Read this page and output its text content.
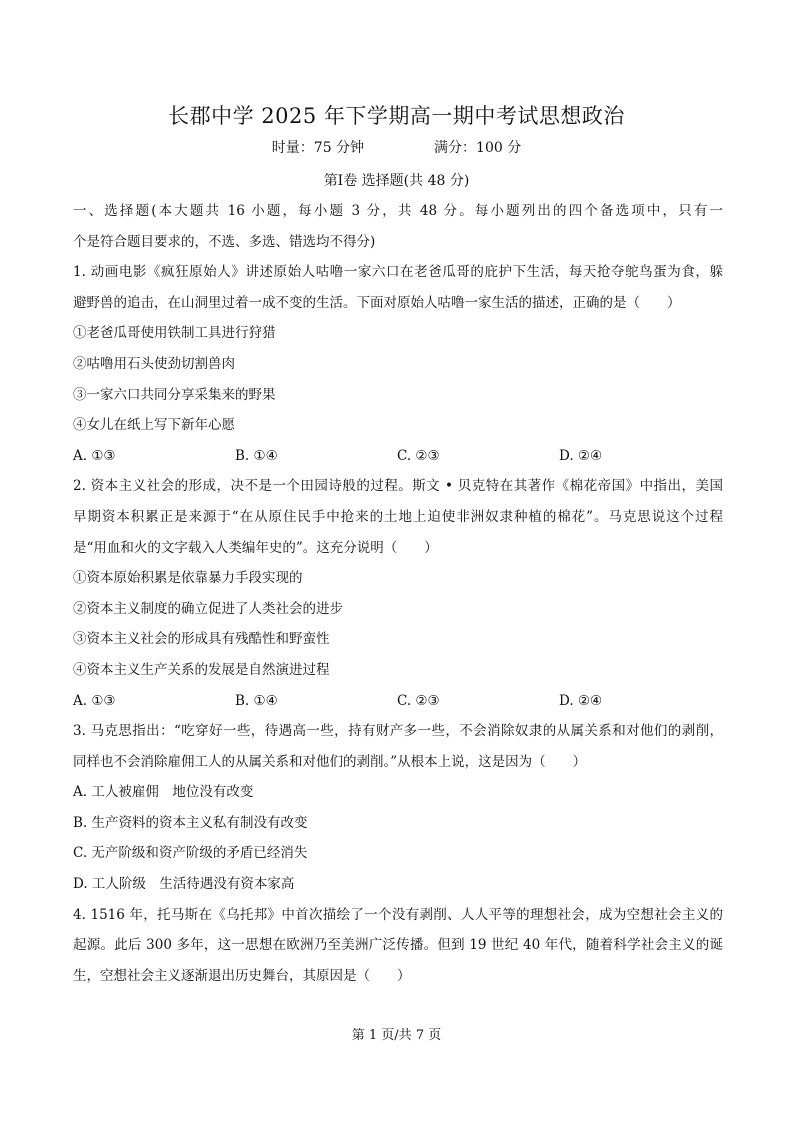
长郡中学 2025 年下学期高一期中考试思想政治
时量：75 分钟	满分：100 分
第Ⅰ卷 选择题(共 48 分)
一、选择题(本大题共 16 小题，每小题 3 分，共 48 分。每小题列出的四个备选项中，只有一
个是符合题目要求的，不选、多选、错选均不得分)
1. 动画电影《疯狂原始人》讲述原始人咕噜一家六口在老爸瓜哥的庇护下生活，每天抢夺鸵鸟蛋为食，躲
避野兽的追击，在山洞里过着一成不变的生活。下面对原始人咕噜一家生活的描述，正确的是（　　）
①老爸瓜哥使用铁制工具进行狩猎
②咕噜用石头使劲切割兽肉
③一家六口共同分享采集来的野果
④女儿在纸上写下新年心愿
A. ①③	B. ①④	C. ②③	D. ②④
2. 资本主义社会的形成，决不是一个田园诗般的过程。斯文 • 贝克特在其著作《棉花帝国》中指出，美国
早期资本积累正是来源于“在从原住民手中抢来的土地上迫使非洲奴隶种植的棉花”。马克思说这个过程
是“用血和火的文字载入人类编年史的”。这充分说明（　　）
①资本原始积累是依靠暴力手段实现的
②资本主义制度的确立促进了人类社会的进步
③资本主义社会的形成具有残酷性和野蛮性
④资本主义生产关系的发展是自然演进过程
A. ①③	B. ①④	C. ②③	D. ②④
3. 马克思指出：“吃穿好一些，待遇高一些，持有财产多一些，不会消除奴隶的从属关系和对他们的剥削，
同样也不会消除雇佣工人的从属关系和对他们的剥削。”从根本上说，这是因为（　　）
A. 工人被雇佣　地位没有改变
B. 生产资料的资本主义私有制没有改变
C. 无产阶级和资产阶级的矛盾已经消失
D. 工人阶级　生活待遇没有资本家高
4. 1516 年，托马斯在《乌托邦》中首次描绘了一个没有剥削、人人平等的理想社会，成为空想社会主义的
起源。此后 300 多年，这一思想在欧洲乃至美洲广泛传播。但到 19 世纪 40 年代，随着科学社会主义的诞
生，空想社会主义逐渐退出历史舞台，其原因是（　　）
第 1 页/共 7 页
